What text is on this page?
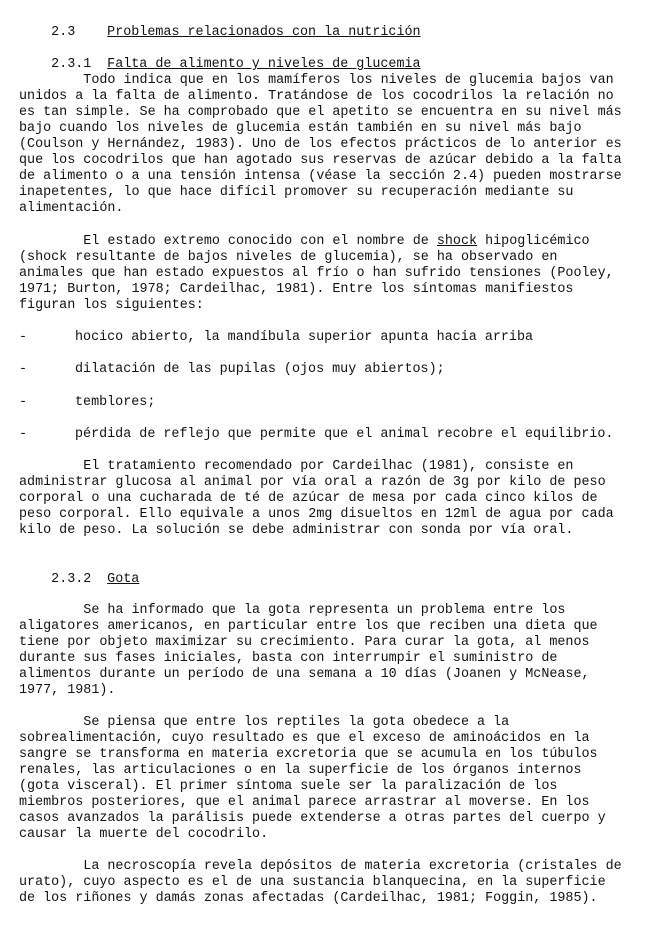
2.3 Problemas relacionados con la nutrición

2.3.1 Falta de alimento y niveles de glucemia

Todo indica que en los mamíferos los niveles de glucemia bajos van
unidos a la falta de alimento. Tratándose de los cocodrilos la relación no
es tan simple. Se ha comprobado que el apetito se encuentra en su nivel más
bajo cuando los niveles de glucemia están también en su nivel más bajo
(Coulson y Hernández, 1983). Uno de los efectos prácticos de lo anterior es
que los cocodrilos que han agotado sus reservas de azúcar debido a la falta
de alimento o a una tensión intensa (véase la sección 2.4) pueden mostrarse
inapetentes, lo que hace difícil promover su recuperación mediante su
alimentación.
El estado extremo conocido con el nombre de shock hipoglicémico
(shock resultante de bajos niveles de glucemia), se ha observado en
animales que han estado expuestos al frío o han sufrido tensiones (Pooley,
1971; Burton, 1978; Cardeilhac, 1981). Entre los síntomas manifiestos
figuran los siguientes:
-	hocico abierto, la mandíbula superior apunta hacia arriba
-	dilatación de las pupilas (ojos muy abiertos);
-	temblores;
-	pérdida de reflejo que permite que el animal recobre el equilibrio.
El tratamiento recomendado por Cardeilhac (1981), consiste en
administrar glucosa al animal por vía oral a razón de 3g por kilo de peso
corporal o una cucharada de té de azúcar de mesa por cada cinco kilos de
peso corporal. Ello equivale a unos 2mg disueltos en 12ml de agua por cada
kilo de peso. La solución se debe administrar con sonda por vía oral.

2.3.2 Gota

Se ha informado que la gota representa un problema entre los
aligatores americanos, en particular entre los que reciben una dieta que
tiene por objeto maximizar su crecimiento. Para curar la gota, al menos
durante sus fases iniciales, basta con interrumpir el suministro de
alimentos durante un período de una semana a 10 días (Joanen y McNease,
1977, 1981).
Se piensa que entre los reptiles la gota obedece a la
sobrealimentación, cuyo resultado es que el exceso de aminoácidos en la
sangre se transforma en materia excretoria que se acumula en los túbulos
renales, las articulaciones o en la superficie de los órganos internos
(gota visceral). El primer síntoma suele ser la paralización de los
miembros posteriores, que el animal parece arrastrar al moverse. En los
casos avanzados la parálisis puede extenderse a otras partes del cuerpo y
causar la muerte del cocodrilo.
La necroscopía revela depósitos de materia excretoria (cristales de
urato), cuyo aspecto es el de una sustancia blanquecina, en la superficie
de los riñones y damás zonas afectadas (Cardeilhac, 1981; Foggin, 1985).
